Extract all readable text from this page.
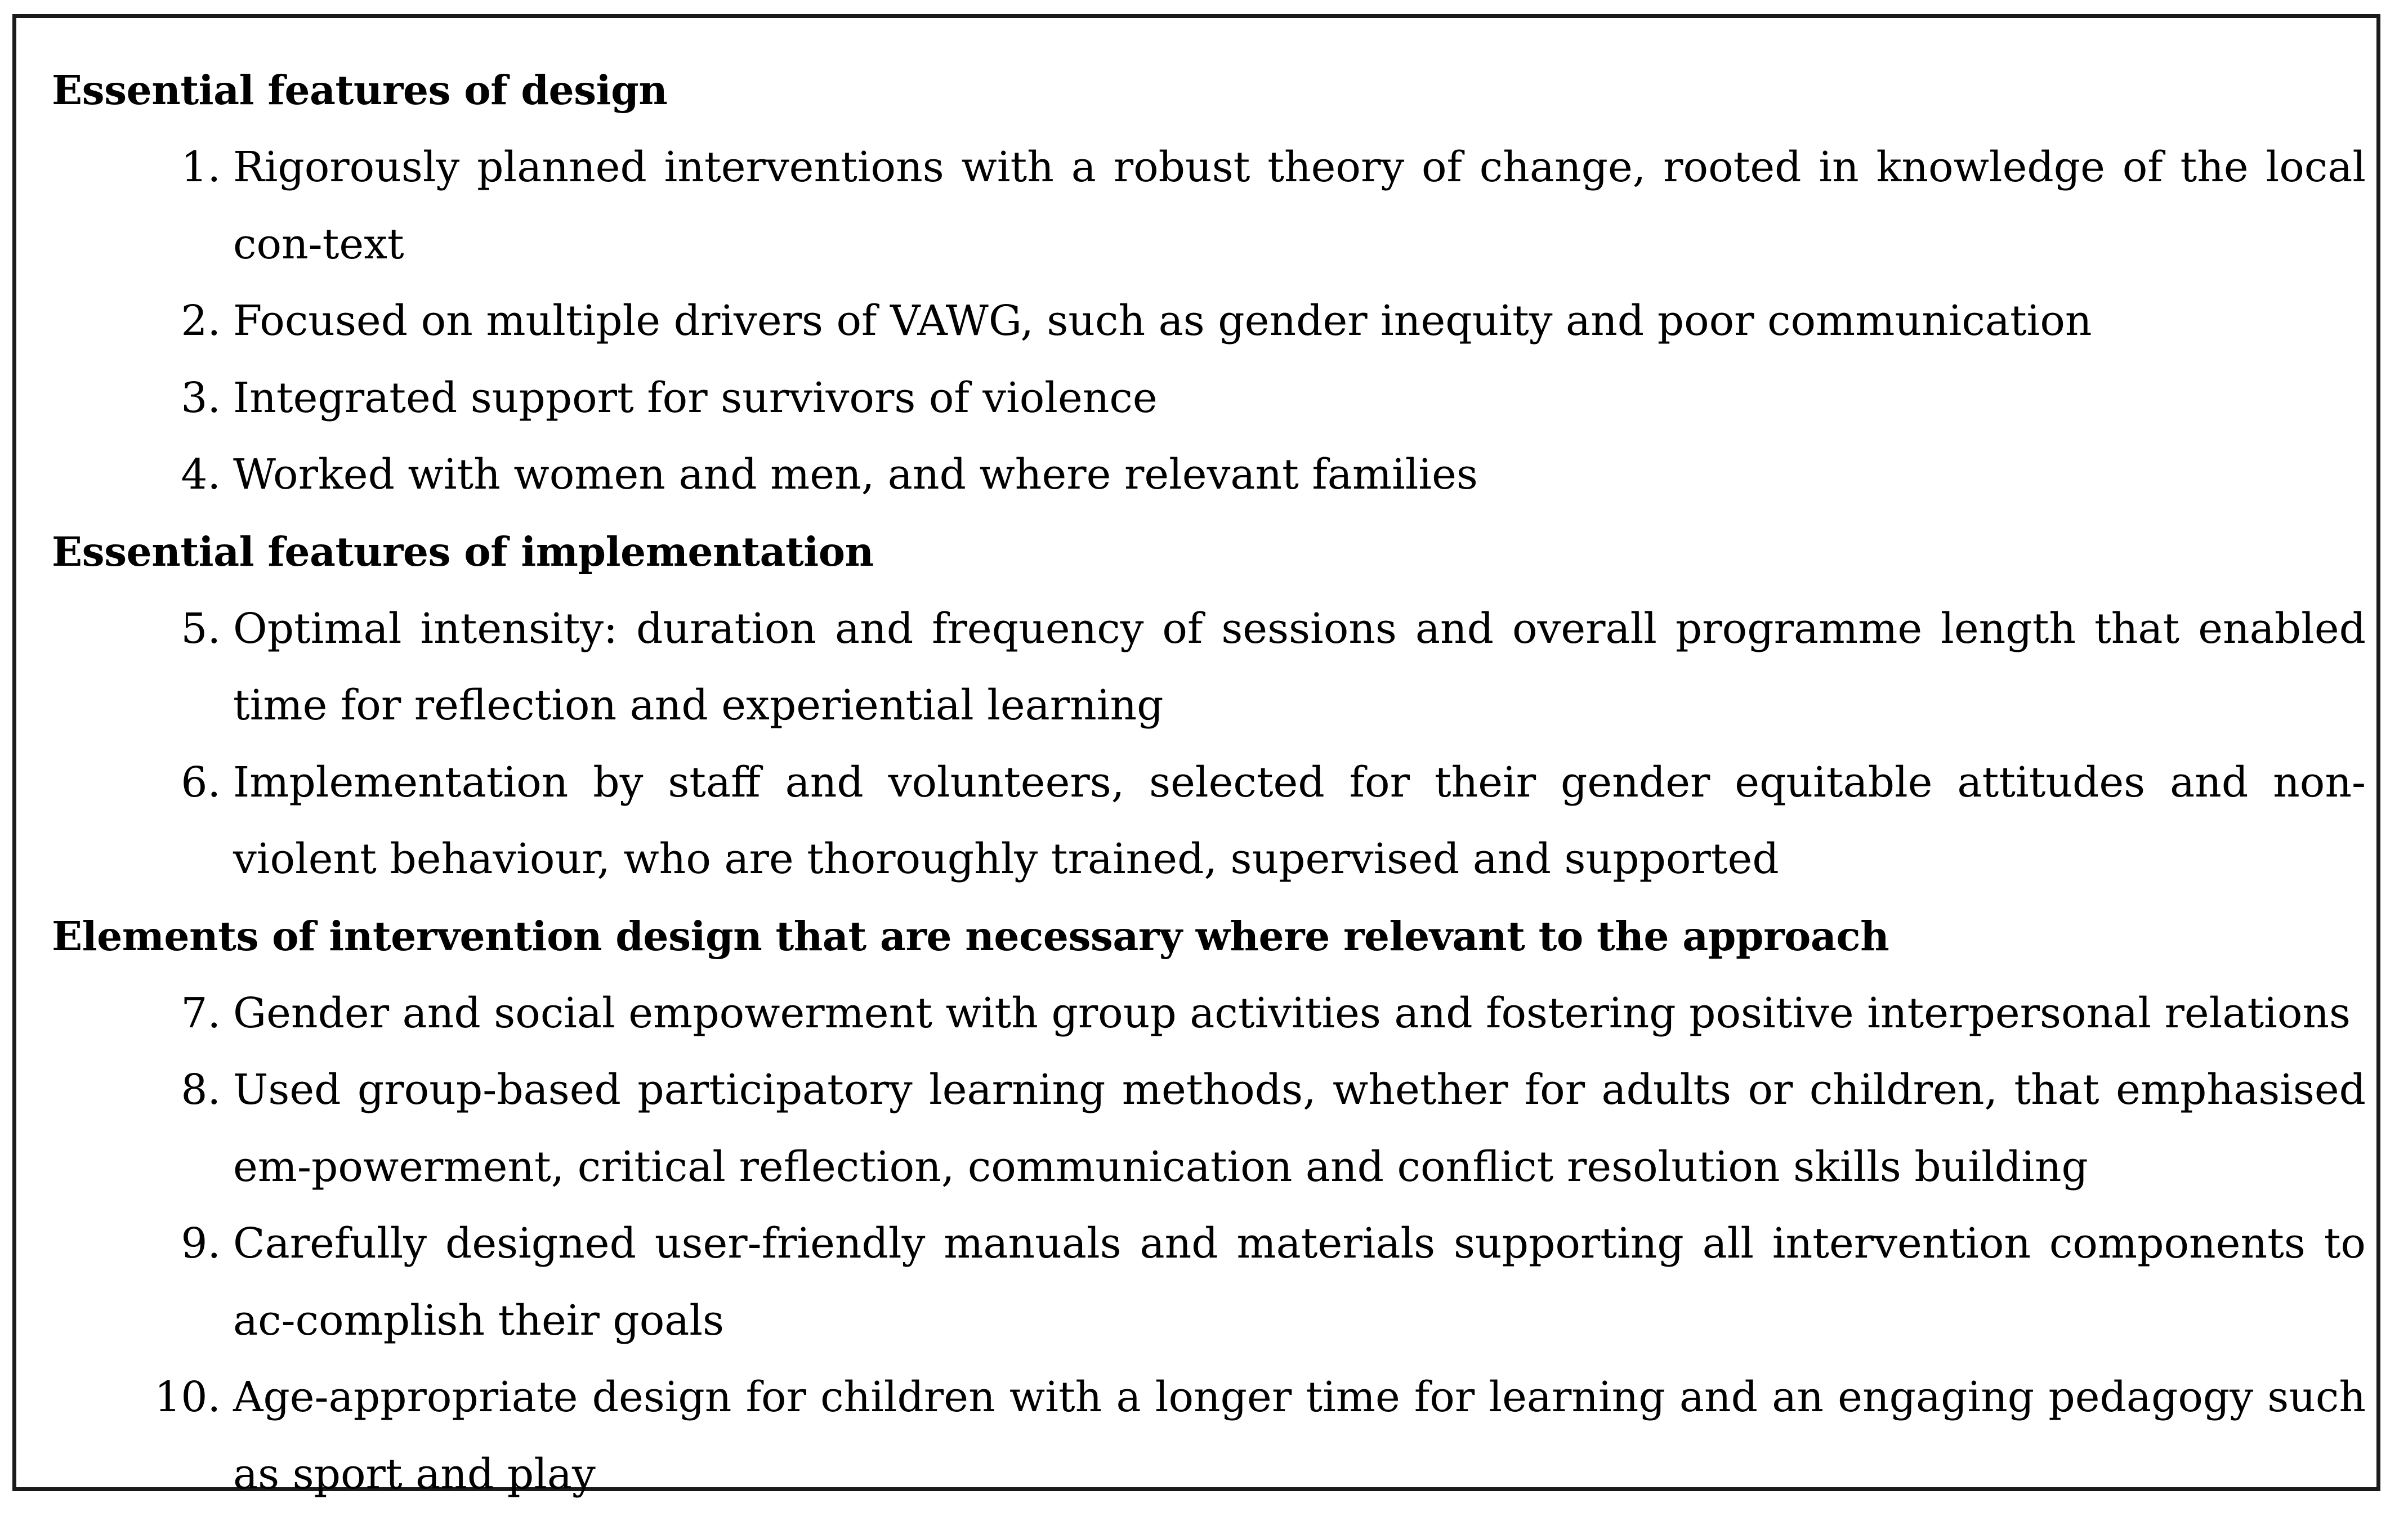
Essential features of design
1. Rigorously planned interventions with a robust theory of change, rooted in knowledge of the local con-text
2. Focused on multiple drivers of VAWG, such as gender inequity and poor communication
3. Integrated support for survivors of violence
4. Worked with women and men, and where relevant families
Essential features of implementation
5. Optimal intensity: duration and frequency of sessions and overall programme length that enabled time for reflection and experiential learning
6. Implementation by staff and volunteers, selected for their gender equitable attitudes and non-violent behaviour, who are thoroughly trained, supervised and supported
Elements of intervention design that are necessary where relevant to the approach
7. Gender and social empowerment with group activities and fostering positive interpersonal relations
8. Used group-based participatory learning methods, whether for adults or children, that emphasised em-powerment, critical reflection, communication and conflict resolution skills building
9. Carefully designed user-friendly manuals and materials supporting all intervention components to ac-complish their goals
10. Age-appropriate design for children with a longer time for learning and an engaging pedagogy such as sport and play
